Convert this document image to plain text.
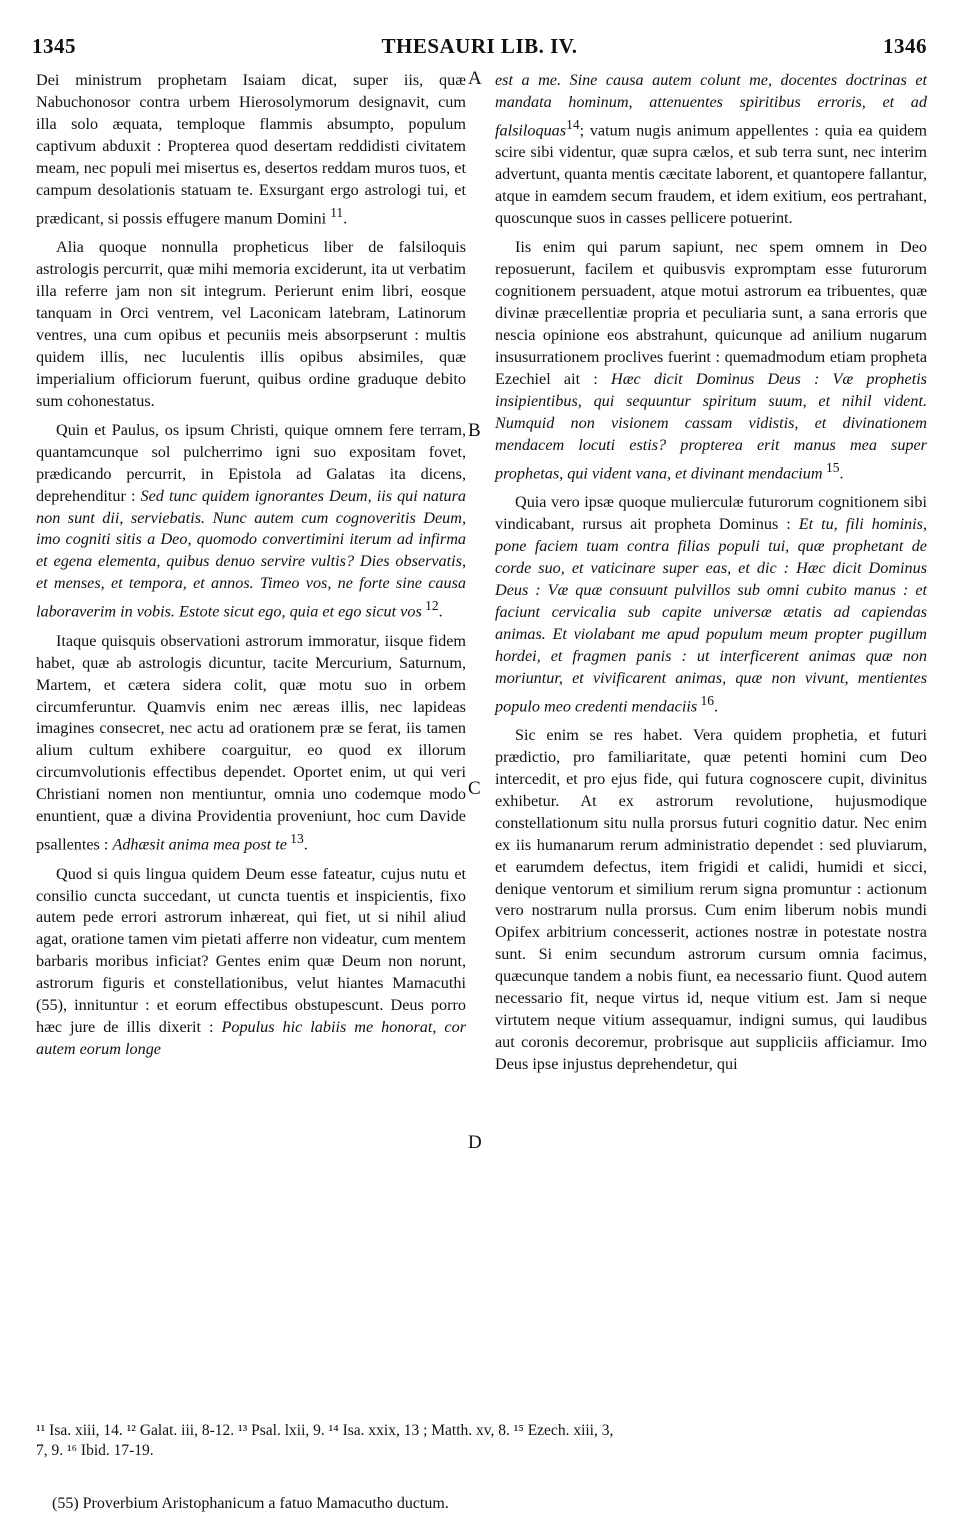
1345	THESAURI LIB. IV.	1346

Dei ministrum prophetam Isaiam dicat, super iis, quæ Nabuchonosor contra urbem Hierosolymorum designavit, cum illa solo æquata, temploque flammis absumpto, populum captivum abduxit : Propterea quod desertam reddidisti civitatem meam, nec populi mei misertus es, desertos reddam muros tuos, et campum desolationis statuam te. Exsurgant ergo astrologi tui, et prædicant, si possis effugere manum Domini $^{11}$.

Alia quoque nonnulla propheticus liber de falsiloquis astrologis percurrit, quæ mihi memoria exciderunt, ita ut verbatim illa referre jam non sit integrum. Perierunt enim libri, eosque tanquam in Orci ventrem, vel Laconicam latebram, Latinorum ventres, una cum opibus et pecuniis meis absorpserunt : multis quidem illis, nec luculentis illis opibus absimiles, quæ imperialium officiorum fuerunt, quibus ordine graduque debito sum cohonestatus.

Quin et Paulus, os ipsum Christi, quique omnem fere terram, quantamcunque sol pulcherrimo igni suo expositam fovet, prædicando percurrit, in Epistola ad Galatas ita dicens, deprehenditur : Sed tunc quidem ignorantes Deum, iis qui natura non sunt dii, serviebatis. Nunc autem cum cognoveritis Deum, imo cogniti sitis a Deo, quomodo convertimini iterum ad infirma et egena elementa, quibus denuo servire vultis? Dies observatis, et menses, et tempora, et annos. Timeo vos, ne forte sine causa laboraverim in vobis. Estote sicut ego, quia et ego sicut vos $^{12}$.

Itaque quisquis observationi astrorum immoratur, iisque fidem habet, quæ ab astrologis dicuntur, tacite Mercurium, Saturnum, Martem, et cætera sidera colit, quæ motu suo in orbem circumferuntur. Quamvis enim nec æreas illis, nec lapideas imagines consecret, nec actu ad orationem præ se ferat, iis tamen alium cultum exhibere coarguitur, eo quod ex illorum circumvolutionis effectibus dependet. Oportet enim, ut qui veri Christiani nomen non mentiuntur, omnia uno codemque modo enuntient, quæ a divina Providentia proveniunt, hoc cum Davide psallentes : Adhæsit anima mea post te $^{13}$.

Quod si quis lingua quidem Deum esse fateatur, cujus nutu et consilio cuncta succedant, ut cuncta tuentis et inspicientis, fixo autem pede errori astrorum inhæreat, qui fiet, ut si nihil aliud agat, oratione tamen vim pietati afferre non videatur, cum mentem barbaris moribus inficiat? Gentes enim quæ Deum non norunt, astrorum figuris et constellationibus, velut hiantes Mamacuthi (55), innituntur : et eorum effectibus obstupescunt. Deus porro hæc jure de illis dixerit : Populus hic labiis me honorat, cor autem eorum longe

est a me. Sine causa autem colunt me, docentes doctrinas et mandata hominum, attenuentes spiritibus erroris, et ad falsiloquas$^{14}$; vatum nugis animum appellentes : quia ea quidem scire sibi videntur, quæ supra cælos, et sub terra sunt, nec interim advertunt, quanta mentis cæcitate laborent, et quantopere fallantur, atque in eamdem secum fraudem, et idem exitium, eos pertrahant, quoscunque suos in casses pellicere potuerint.

Iis enim qui parum sapiunt, nec spem omnem in Deo reposuerunt, facilem et quibusvis expromptam esse futurorum cognitionem persuadent, atque motui astrorum ea tribuentes, quæ divinæ præcellentiæ propria et peculiaria sunt, a sana erroris que nescia opinione eos abstrahunt, quicunque ad anilium nugarum insusurrationem proclives fuerint : quemadmodum etiam propheta Ezechiel ait : Hæc dicit Dominus Deus : Væ prophetis insipientibus, qui sequuntur spiritum suum, et nihil vident. Numquid non visionem cassam vidistis, et divinationem mendacem locuti estis? propterea erit manus mea super prophetas, qui vident vana, et divinant mendacium $^{15}$.

Quia vero ipsæ quoque mulierculæ futurorum cognitionem sibi vindicabant, rursus ait propheta Dominus : Et tu, fili hominis, pone faciem tuam contra filias populi tui, quæ prophetant de corde suo, et vaticinare super eas, et dic : Hæc dicit Dominus Deus : Væ quæ consuunt pulvillos sub omni cubito manus : et faciunt cervicalia sub capite universæ ætatis ad capiendas animas. Et violabant me apud populum meum propter pugillum hordei, et fragmen panis : ut interficerent animas quæ non moriuntur, et vivificarent animas, quæ non vivunt, mentientes populo meo credenti mendaciis $^{16}$.

Sic enim se res habet. Vera quidem prophetia, et futuri prædictio, pro familiaritate, quæ petenti homini cum Deo intercedit, et pro ejus fide, qui futura cognoscere cupit, divinitus exhibetur. At ex astrorum revolutione, hujusmodique constellationum situ nulla prorsus futuri cognitio datur. Nec enim ex iis humanarum rerum administratio dependet : sed pluviarum, et earumdem defectus, item frigidi et calidi, humidi et sicci, denique ventorum et similium rerum signa promuntur : actionum vero nostrarum nulla prorsus. Cum enim liberum nobis mundi Opifex arbitrium concesserit, actiones nostræ in potestate nostra sunt. Si enim secundum astrorum cursum omnia facimus, quæcunque tandem a nobis fiunt, ea necessario fiunt. Quod autem necessario fit, neque virtus id, neque vitium est. Jam si neque virtutem neque vitium assequamur, indigni sumus, qui laudibus aut coronis decoremur, probrisque aut suppliciis afficiamur. Imo Deus ipse injustus deprehendetur, qui

A
B
C
D
¹¹ Isa. xiii, 14. ¹² Galat. iii, 8-12. ¹³ Psal. lxii, 9. ¹⁴ Isa. xxix, 13 ; Matth. xv, 8. ¹⁵ Ezech. xiii, 3,
7, 9. ¹⁶ Ibid. 17-19.
(55) Proverbium Aristophanicum a fatuo Mamacutho ductum.
